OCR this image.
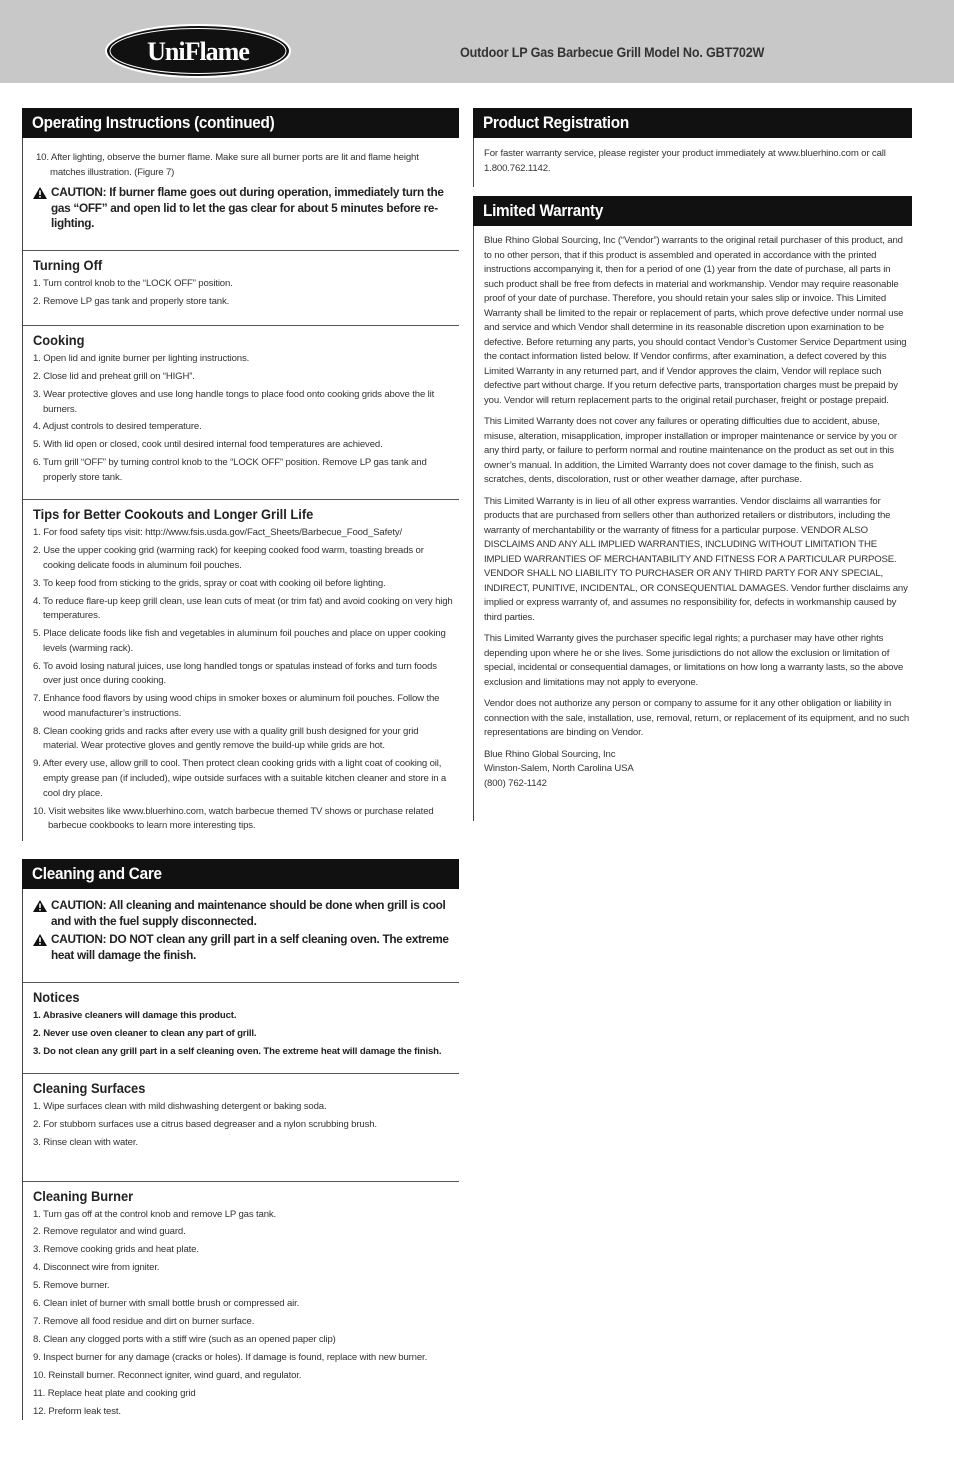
UniFlame	Outdoor LP Gas Barbecue Grill Model No. GBT702W
Operating Instructions (continued)
10. After lighting, observe the burner flame. Make sure all burner ports are lit and flame height matches illustration. (Figure 7)
CAUTION: If burner flame goes out during operation, immediately turn the gas “OFF” and open lid to let the gas clear for about 5 minutes before re-lighting.
Turning Off
1. Turn control knob to the “LOCK OFF” position.
2. Remove LP gas tank and properly store tank.
Cooking
1. Open lid and ignite burner per lighting instructions.
2. Close lid and preheat grill on “HIGH”.
3. Wear protective gloves and use long handle tongs to place food onto cooking grids above the lit burners.
4. Adjust controls to desired temperature.
5. With lid open or closed, cook until desired internal food temperatures are achieved.
6. Turn grill “OFF” by turning control knob to the “LOCK OFF” position. Remove LP gas tank and properly store tank.
Tips for Better Cookouts and Longer Grill Life
1. For food safety tips visit: http://www.fsis.usda.gov/Fact_Sheets/Barbecue_Food_Safety/
2. Use the upper cooking grid (warming rack) for keeping cooked food warm, toasting breads or cooking delicate foods in aluminum foil pouches.
3. To keep food from sticking to the grids, spray or coat with cooking oil before lighting.
4. To reduce flare-up keep grill clean, use lean cuts of meat (or trim fat) and avoid cooking on very high temperatures.
5. Place delicate foods like fish and vegetables in aluminum foil pouches and place on upper cooking levels (warming rack).
6. To avoid losing natural juices, use long handled tongs or spatulas instead of forks and turn foods over just once during cooking.
7. Enhance food flavors by using wood chips in smoker boxes or aluminum foil pouches. Follow the wood manufacturer’s instructions.
8. Clean cooking grids and racks after every use with a quality grill bush designed for your grid material. Wear protective gloves and gently remove the build-up while grids are hot.
9. After every use, allow grill to cool. Then protect clean cooking grids with a light coat of cooking oil, empty grease pan (if included), wipe outside surfaces with a suitable kitchen cleaner and store in a cool dry place.
10. Visit websites like www.bluerhino.com, watch barbecue themed TV shows or purchase related barbecue cookbooks to learn more interesting tips.
Cleaning and Care
CAUTION: All cleaning and maintenance should be done when grill is cool and with the fuel supply disconnected.
CAUTION: DO NOT clean any grill part in a self cleaning oven. The extreme heat will damage the finish.
Notices
1. Abrasive cleaners will damage this product.
2. Never use oven cleaner to clean any part of grill.
3. Do not clean any grill part in a self cleaning oven. The extreme heat will damage the finish.
Cleaning Surfaces
1. Wipe surfaces clean with mild dishwashing detergent or baking soda.
2. For stubborn surfaces use a citrus based degreaser and a nylon scrubbing brush.
3. Rinse clean with water.
Cleaning Burner
1. Turn gas off at the control knob and remove LP gas tank.
2. Remove regulator and wind guard.
3. Remove cooking grids and heat plate.
4. Disconnect wire from igniter.
5. Remove burner.
6. Clean inlet of burner with small bottle brush or compressed air.
7. Remove all food residue and dirt on burner surface.
8. Clean any clogged ports with a stiff wire (such as an opened paper clip)
9. Inspect burner for any damage (cracks or holes). If damage is found, replace with new burner.
10. Reinstall burner. Reconnect igniter, wind guard, and regulator.
11. Replace heat plate and cooking grid
12. Preform leak test.
Product Registration
For faster warranty service, please register your product immediately at www.bluerhino.com or call 1.800.762.1142.
Limited Warranty
Blue Rhino Global Sourcing, Inc (“Vendor”) warrants to the original retail purchaser of this product, and to no other person, that if this product is assembled and operated in accordance with the printed instructions accompanying it, then for a period of one (1) year from the date of purchase, all parts in such product shall be free from defects in material and workmanship. Vendor may require reasonable proof of your date of purchase. Therefore, you should retain your sales slip or invoice. This Limited Warranty shall be limited to the repair or replacement of parts, which prove defective under normal use and service and which Vendor shall determine in its reasonable discretion upon examination to be defective. Before returning any parts, you should contact Vendor’s Customer Service Department using the contact information listed below. If Vendor confirms, after examination, a defect covered by this Limited Warranty in any returned part, and if Vendor approves the claim, Vendor will replace such defective part without charge. If you return defective parts, transportation charges must be prepaid by you. Vendor will return replacement parts to the original retail purchaser, freight or postage prepaid.
This Limited Warranty does not cover any failures or operating difficulties due to accident, abuse, misuse, alteration, misapplication, improper installation or improper maintenance or service by you or any third party, or failure to perform normal and routine maintenance on the product as set out in this owner’s manual. In addition, the Limited Warranty does not cover damage to the finish, such as scratches, dents, discoloration, rust or other weather damage, after purchase.
This Limited Warranty is in lieu of all other express warranties. Vendor disclaims all warranties for products that are purchased from sellers other than authorized retailers or distributors, including the warranty of merchantability or the warranty of fitness for a particular purpose. VENDOR ALSO DISCLAIMS AND ANY ALL IMPLIED WARRANTIES, INCLUDING WITHOUT LIMITATION THE IMPLIED WARRANTIES OF MERCHANTABILITY AND FITNESS FOR A PARTICULAR PURPOSE. VENDOR SHALL NO LIABILITY TO PURCHASER OR ANY THIRD PARTY FOR ANY SPECIAL, INDIRECT, PUNITIVE, INCIDENTAL, OR CONSEQUENTIAL DAMAGES. Vendor further disclaims any implied or express warranty of, and assumes no responsibility for, defects in workmanship caused by third parties.
This Limited Warranty gives the purchaser specific legal rights; a purchaser may have other rights depending upon where he or she lives. Some jurisdictions do not allow the exclusion or limitation of special, incidental or consequential damages, or limitations on how long a warranty lasts, so the above exclusion and limitations may not apply to everyone.
Vendor does not authorize any person or company to assume for it any other obligation or liability in connection with the sale, installation, use, removal, return, or replacement of its equipment, and no such representations are binding on Vendor.
Blue Rhino Global Sourcing, Inc
Winston-Salem, North Carolina USA
(800) 762-1142
